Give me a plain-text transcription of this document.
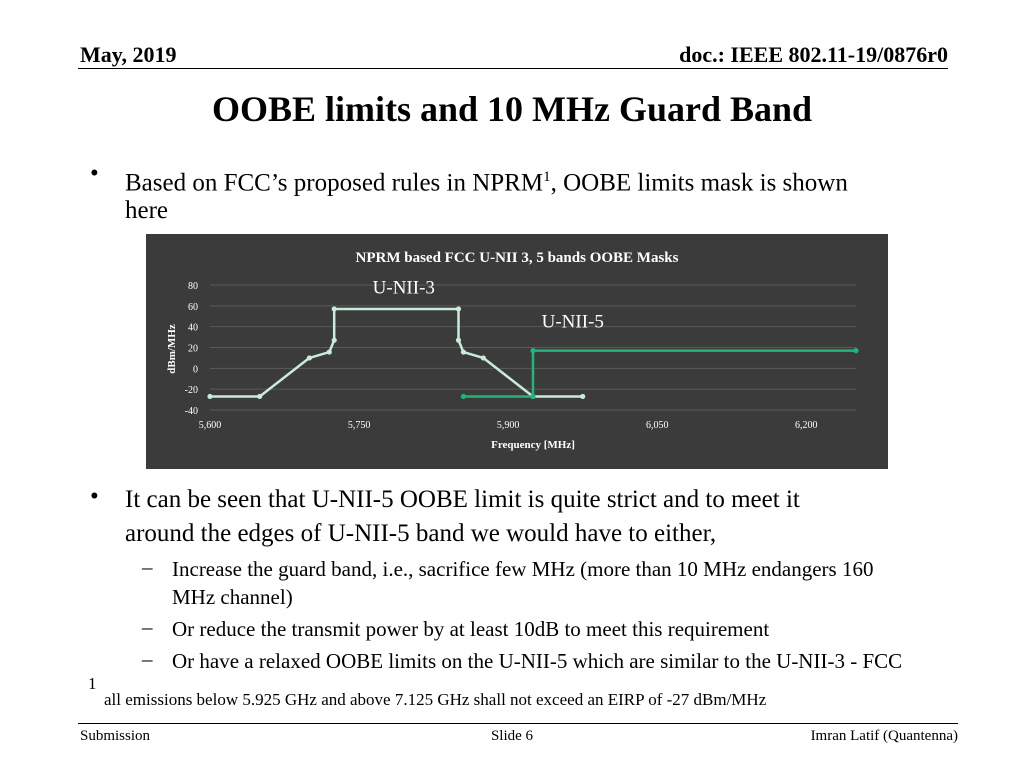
May, 2019	doc.: IEEE 802.11-19/0876r0
OOBE limits and 10 MHz Guard Band
• Based on FCC’s proposed rules in NPRM$^1$, OOBE limits mask is shown
here
NPRM based FCC U-NII 3, 5 bands OOBE Masks
-40
-20
0
20
40
60
80
5,600	5,750	5,900	6,050	6,200
U-NII-3
U-NII-5
Frequency [MHz]
dBm/MHz
• It can be seen that U-NII-5 OOBE limit is quite strict and to meet it
around the edges of U-NII-5 band we would have to either,
– Increase the guard band, i.e., sacrifice few MHz (more than 10 MHz endangers 160
MHz channel)
– Or reduce the transmit power by at least 10dB to meet this requirement
– Or have a relaxed OOBE limits on the U-NII-5 which are similar to the U-NII-3 - FCC
1
all emissions below 5.925 GHz and above 7.125 GHz shall not exceed an EIRP of -27 dBm/MHz
Submission	Slide 6	Imran Latif (Quantenna)
